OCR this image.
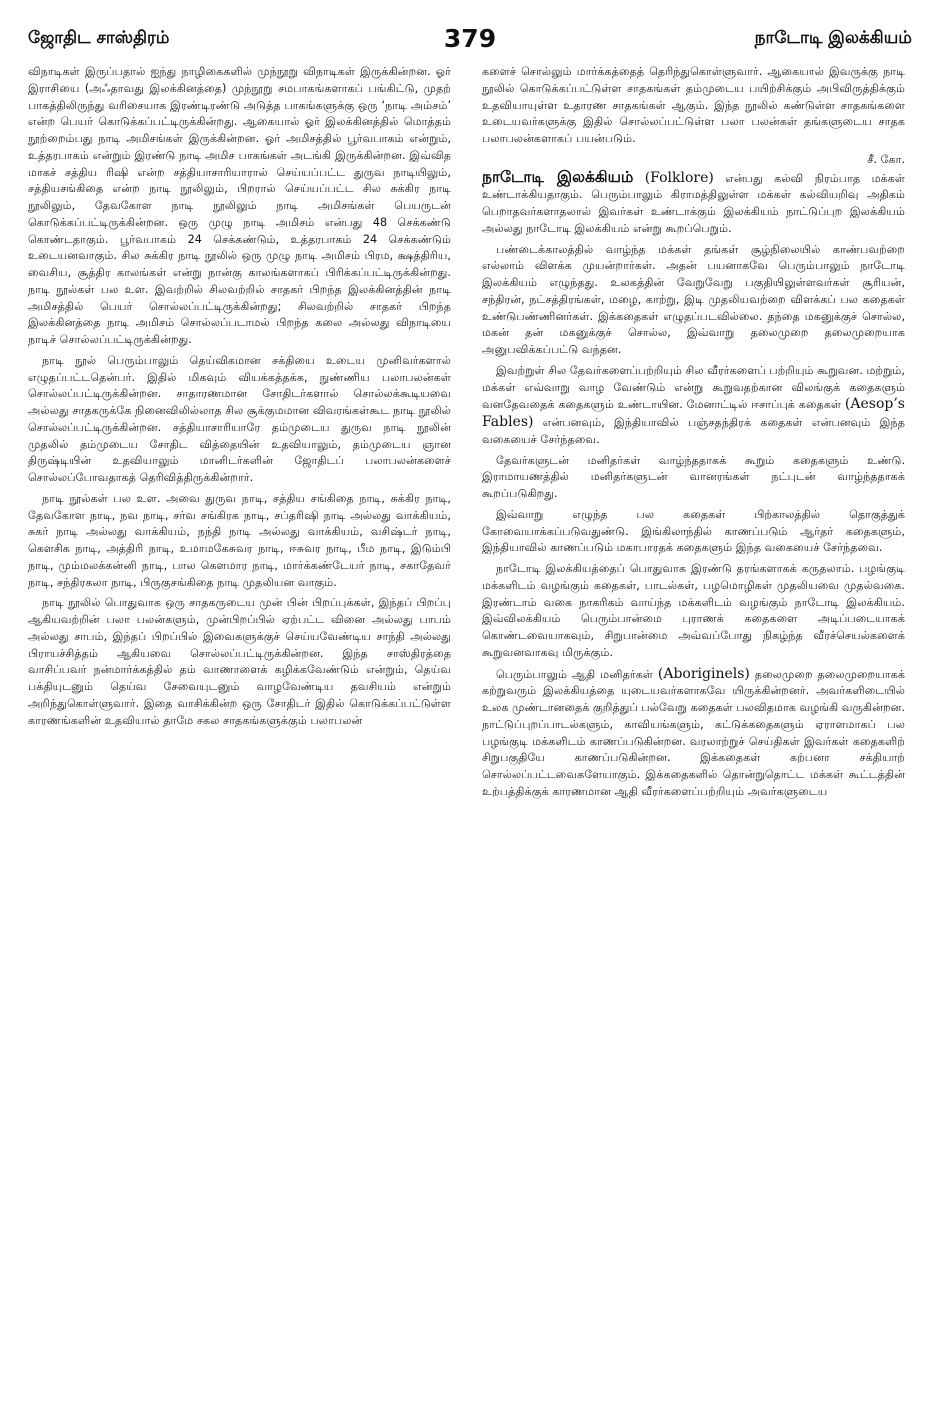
ஜோதிட சாஸ்திரம்	379	நாடோடி இலக்கியம்

விநாடிகள் இருப்பதால் ஐந்து நாழிகைகளில் முந்நூறு விநாடிகள் இருக்கின்றன. ஓர் இராசியை (அஃதாவது இலக்கினத்தை) முந்நூறு சமபாகங்களாகப் பங்கிட்டு, முதற் பாகத்திலிருந்து வரிசையாக இரண்டிரண்டு அடுத்த பாகங்களுக்கு ஒரு ‘நாடி அம்சம்’ என்ற பெயர் கொடுக்கப்பட்டிருக்கின்றது. ஆகையால் ஓர் இலக்கினத்தில் மொத்தம் நூற்றைம்பது நாடி அமிசங்கள் இருக்கின்றன. ஓர் அமிசத்தில் பூர்வபாகம் என்றும், உத்தரபாகம் என்றும் இரண்டு நாடி அமிச பாகங்கள் அடங்கி இருக்கின்றன. இவ்வித மாகச் சத்திய ரிஷி என்ற சத்தியாசாரியாரால் செய்யப்பட்ட துருவ நாடியிலும், சத்தியசங்கிதை என்ற நாடி நூலிலும், பிறரால் செய்யப்பட்ட சில சுக்கிர நாடி நூலிலும், தேவகோள நாடி நூலிலும் நாடி அமிசங்கள் பெயருடன் கொடுக்கப்பட்டிருக்கின்றன. ஒரு முழு நாடி அமிசம் என்பது 48 செக்கண்டு கொண்டதாகும். பூர்வபாகம் 24 செக்கண்டும், உத்தரபாகம் 24 செக்கண்டும் உடையனவாகும். சில சுக்கிர நாடி நூலில் ஒரு முழு நாடி அமிசம் பிரம, க்ஷத்திரிய, வைசிய, சூத்திர காலங்கள் என்று நான்கு காலங்களாகப் பிரிக்கப்பட்டிருக்கின்றது. நாடி நூல்கள் பல உள. இவற்றில் சிலவற்றில் சாதகர் பிறந்த இலக்கினத்தின் நாடி அமிசத்தில் பெயர் சொல்லப்பட்டிருக்கின்றது; சிலவற்றில் சாதகர் பிறந்த இலக்கினத்தை நாடி அமிசம் சொல்லப்படாமல் பிறந்த கலை அல்லது விநாடியை நாடிச் சொல்லப்பட்டிருக்கின்றது.

நாடி நூல் பெரும்பாலும் தெய்விகமான சக்தியை உடைய முனிவர்களால் எழுதப்பட்டதென்பர். இதில் மிகவும் வியக்கத்தக்க, நுண்ணிய பலாபலன்கள் சொல்லப்பட்டிருக்கின்றன. சாதாரணமான சோதிடர்களால் சொல்லக்கூடியவை அல்லது சாதகருக்கே நினைவிலில்லாத சில சூக்குமமான விவரங்கள்கூட நாடி நூலில் சொல்லப்பட்டிருக்கின்றன. சத்தியாசாரியாரே தம்முடைய துருவ நாடி நூலின் முதலில் தம்முடைய சோதிட வித்தையின் உதவியாலும், தம்முடைய ஞான திருஷ்டியின் உதவியாலும் மானிடர்களின் ஜோதிடப் பலாபலன்களைச் சொல்லப்போவதாகத் தெரிவித்திருக்கின்றார்.

நாடி நூல்கள் பல உள. அவை துருவ நாடி, சத்திய சங்கிதை நாடி, சுக்கிர நாடி, தேவகோள நாடி, நவ நாடி, சர்வ சங்கிரக நாடி, சப்தரிஷி நாடி அல்லது வாக்கியம், சுகர் நாடி அல்லது வாக்கியம், நந்தி நாடி அல்லது வாக்கியம், வசிஷ்டர் நாடி, கௌசிக நாடி, அத்திரி நாடி, உமாமகேசுவர நாடி, ஈசுவர நாடி, பீம நாடி, இடும்பி நாடி, மும்மலக்கன்னி நாடி, பால கௌமார நாடி, மார்க்கண்டேயர் நாடி, சகாதேவர் நாடி, சந்திரகலா நாடி, பிருகுசங்கிதை நாடி முதலியன வாகும்.

நாடி நூலில் பொதுவாக ஒரு சாதகருடைய முன் பின் பிறப்புக்கள், இந்தப் பிறப்பு ஆகியவற்றின் பலா பலன்களும், முன்பிறப்பில் ஏற்பட்ட வினை அல்லது பாபம் அல்லது சாபம், இந்தப் பிறப்பில் இவைகளுக்குச் செய்யவேண்டிய சாந்தி அல்லது பிராயச்சித்தம் ஆகியவை சொல்லப்பட்டிருக்கின்றன. இந்த சாஸ்திரத்தை வாசிப்பவர் நன்மார்க்கத்தில் தம் வாணாளைக் கழிக்கவேண்டும் என்றும், தெய்வ பக்தியுடனும் தெய்வ சேவையுடனும் வாழவேண்டிய தவசியம் என்றும் அறிந்துகொள்ளுவார். இதை வாசிக்கின்ற ஒரு சோதிடர் இதில் கொடுக்கப்பட்டுள்ள காரணங்களின் உதவியால் தாமே சகல சாதகங்களுக்கும் பலாபலன்

களைச் சொல்லும் மார்க்கத்தைத் தெரிந்துகொள்ளுவார். ஆகையால் இவருக்கு நாடி நூலில் கொடுக்கப்பட்டுள்ள சாதகங்கள் தம்முடைய பயிற்சிக்கும் அபிவிருத்திக்கும் உதவியாயுள்ள உதாரண சாதகங்கள் ஆகும். இந்த நூலில் கண்டுள்ள சாதகங்களை உடையவர்களுக்கு இதில் சொல்லப்பட்டுள்ள பலா பலன்கள் தங்களுடைய சாதக பலாபலன்களாகப் பயன்படும்.

சீ. கோ.

நாடோடி இலக்கியம் (Folklore) என்பது கல்வி நிரம்பாத மக்கள் உண்டாக்கியதாகும். பெரும்பாலும் கிராமத்திலுள்ள மக்கள் கல்வியறிவு அதிகம் பெறாதவர்களாதலால் இவர்கள் உண்டாக்கும் இலக்கியம் நாட்டுப்புற இலக்கியம் அல்லது நாடோடி இலக்கியம் என்று கூறப்பெறும்.

பண்டைக்காலத்தில் வாழ்ந்த மக்கள் தங்கள் சூழ்நிலையில் காண்பவற்றை எல்லாம் விளக்க முயன்றார்கள். அதன் பயனாகவே பெரும்பாலும் நாடோடி இலக்கியம் எழுந்தது. உலகத்தின் வேறுவேறு பகுதியிலுள்ளவர்கள் சூரியன், சந்திரன், நட்சத்திரங்கள், மழை, காற்று, இடி முதலியவற்றை விளக்கப் பல கதைகள் உண்டுபண்ணினர்கள். இக்கதைகள் எழுதப்படவில்லை. தந்தை மகனுக்குச் சொல்ல, மகன் தன் மகனுக்குச் சொல்ல, இவ்வாறு தலைமுறை தலைமுறையாக அனுபவிக்கப்பட்டு வந்தன.

இவற்றுள் சில தேவர்களைப்பற்றியும் சில வீரர்களைப் பற்றியும் கூறுவன. மற்றும், மக்கள் எவ்வாறு வாழ வேண்டும் என்று கூறுவதற்கான விலங்குக் கதைகளும் வனதேவதைக் கதைகளும் உண்டாயின. மேனாட்டில் ஈசாப்புக் கதைகள் (Aesop’s Fables) என்பனவும், இந்தியாவில் பஞ்சதந்திரக் கதைகள் என்பனவும் இந்த வகையைச் சேர்ந்தவை.

தேவர்களுடன் மனிதர்கள் வாழ்ந்ததாகக் கூறும் கதைகளும் உண்டு. இராமாயணத்தில் மனிதர்களுடன் வானரங்கள் நட்புடன் வாழ்ந்ததாகக் கூறப்படுகிறது.

இவ்வாறு எழுந்த பல கதைகள் பிற்காலத்தில் தொகுத்துக் கோவையாக்கப்படுவதுண்டு. இங்கிலாந்தில் காணப்படும் ஆர்தர் கதைகளும், இந்தியாவில் காணப்படும் மகாபாரதக் கதைகளும் இந்த வகையைச் சேர்ந்தவை.

நாடோடி இலக்கியத்தைப் பொதுவாக இரண்டு தரங்களாகக் கருதலாம். பழங்குடி மக்களிடம் வழங்கும் கதைகள், பாடல்கள், பழமொழிகள் முதலியவை முதல்வகை. இரண்டாம் வகை நாகரிகம் வாய்ந்த மக்களிடம் வழங்கும் நாடோடி இலக்கியம். இவ்விலக்கியம் பெரும்பான்மை புராணக் கதைகளை அடிப்படையாகக் கொண்டவையாகவும், சிறுபான்மை அவ்வப்போது நிகழ்ந்த வீரச்செயல்களைக் கூறுவனவாகவு மிருக்கும்.

பெரும்பாலும் ஆதி மனிதர்கள் (Aboriginels) தலைமுறை தலைமுறையாகக் கற்றுவரும் இலக்கியத்தை யுடையவர்களாகவே யிருக்கின்றனர். அவர்களிடையில் உலக முண்டானதைக் குறித்துப் பல்வேறு கதைகள் பலவிதமாக வழங்கி வருகின்றன. நாட்டுப்புறப்பாடல்களும், காவியங்களும், கட்டுக்கதைகளும் ஏராளமாகப் பல பழங்குடி மக்களிடம் காணப்படுகின்றன. வரலாற்றுச் செய்திகள் இவர்கள் கதைகளிற் சிறுபகுதியே காணப்படுகின்றன. இக்கதைகள் கற்பனா சக்தியாற் சொல்லப்பட்டவைகளேயாகும். இக்கதைகளில் தொன்றுதொட்ட மக்கள் கூட்டத்தின் உற்பத்திக்குக் காரணமான ஆதி வீரர்களைப்பற்றியும் அவர்களுடைய
